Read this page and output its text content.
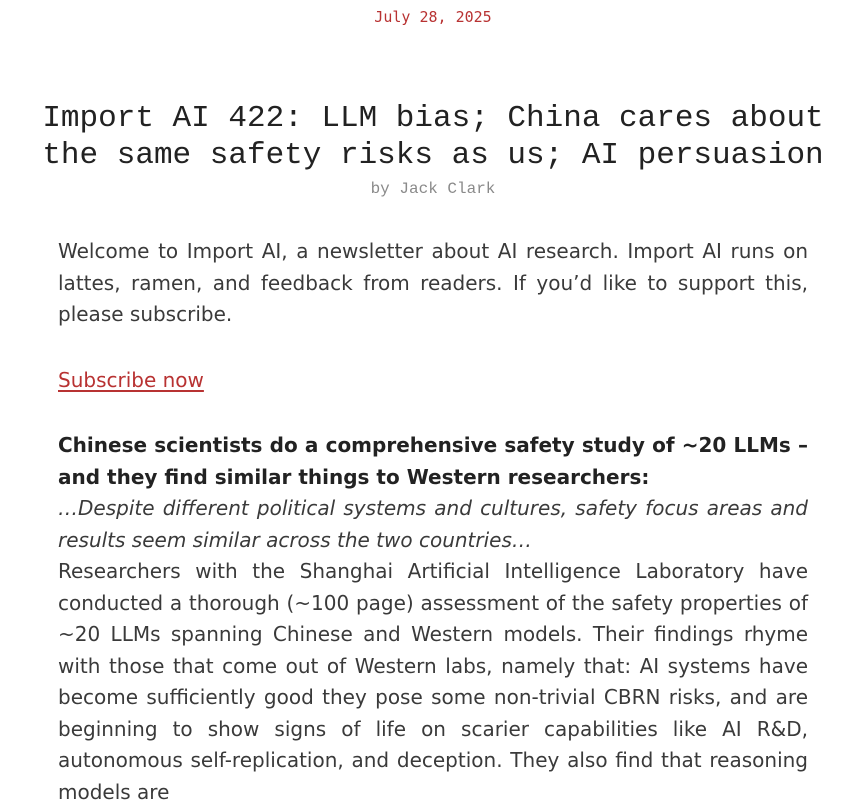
July 28, 2025
Import AI 422: LLM bias; China cares about the same safety risks as us; AI persuasion
by Jack Clark

Welcome to Import AI, a newsletter about AI research. Import AI runs on lattes, ramen, and feedback from readers. If you’d like to support this, please subscribe.

Subscribe now

Chinese scientists do a comprehensive safety study of ~20 LLMs – and they find similar things to Western researchers:

…Despite different political systems and cultures, safety focus areas and results seem similar across the two countries…

Researchers with the Shanghai Artificial Intelligence Laboratory have conducted a thorough (~100 page) assessment of the safety properties of ~20 LLMs spanning Chinese and Western models. Their findings rhyme with those that come out of Western labs, namely that: AI systems have become sufficiently good they pose some non-trivial CBRN risks, and are beginning to show signs of life on scarier capabilities like AI R&D, autonomous self-replication, and deception. They also find that reasoning models are
